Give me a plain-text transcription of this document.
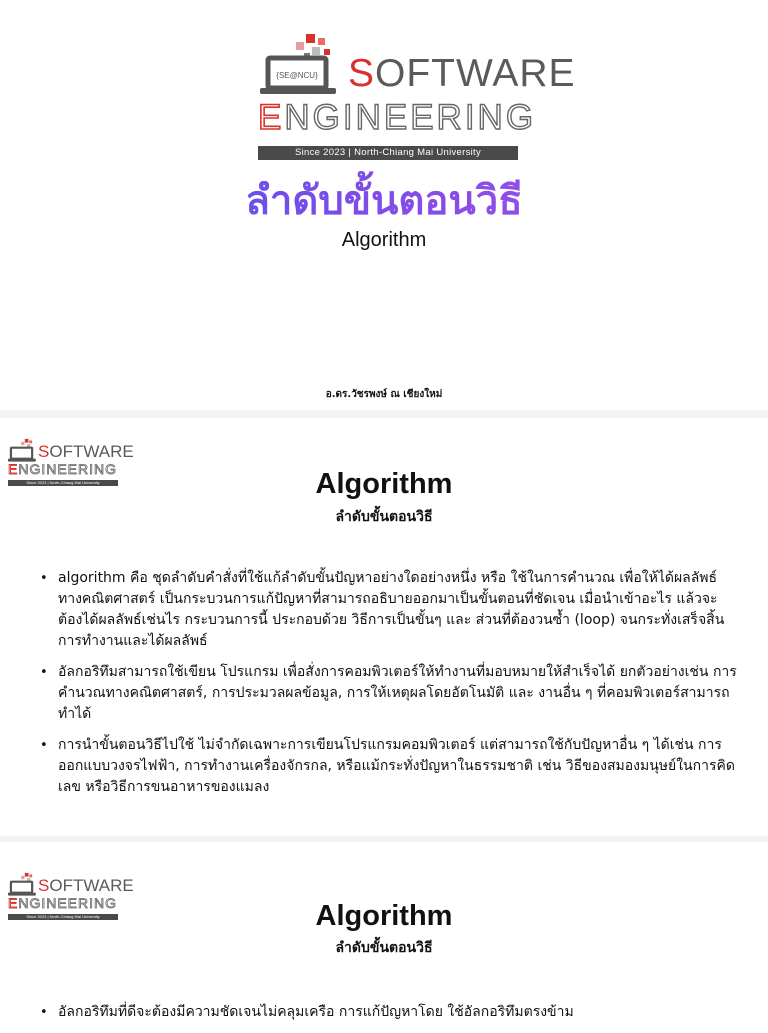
{SE@NCU} SOFTWARE
ENGINEERING
Since 2023 | North-Chiang Mai University
ลำดับขั้นตอนวิธี
Algorithm
อ.ดร.วัชรพงษ์ ณ เชียงใหม่
SOFTWARE
ENGINEERING
Since 2023 | North-Chiang Mai University	Algorithm
ลำดับขั้นตอนวิธี
• algorithm คือ ชุดลำดับคำสั่งที่ใช้แก้ลำดับขั้นปัญหาอย่างใดอย่างหนึ่ง หรือ ใช้ในการคำนวณ เพื่อให้ได้ผลลัพธ์ทางคณิตศาสตร์ เป็นกระบวนการแก้ปัญหาที่สามารถอธิบายออกมาเป็นขั้นตอนที่ชัดเจน เมื่อนำเข้าอะไร แล้วจะต้องได้ผลลัพธ์เช่นไร กระบวนการนี้ ประกอบด้วย วิธีการเป็นขั้นๆ และ ส่วนที่ต้องวนซ้ำ (loop) จนกระทั่งเสร็จสิ้นการทำงานและได้ผลลัพธ์
• อัลกอริทึมสามารถใช้เขียน โปรแกรม เพื่อสั่งการคอมพิวเตอร์ให้ทำงานที่มอบหมายให้สำเร็จได้ ยกตัวอย่างเช่น การคำนวณทางคณิตศาสตร์, การประมวลผลข้อมูล, การให้เหตุผลโดยอัตโนมัติ และ งานอื่น ๆ ที่คอมพิวเตอร์สามารถทำได้
• การนำขั้นตอนวิธีไปใช้ ไม่จำกัดเฉพาะการเขียนโปรแกรมคอมพิวเตอร์ แต่สามารถใช้กับปัญหาอื่น ๆ ได้เช่น การออกแบบวงจรไฟฟ้า, การทำงานเครื่องจักรกล, หรือแม้กระทั่งปัญหาในธรรมชาติ เช่น วิธีของสมองมนุษย์ในการคิดเลข หรือวิธีการขนอาหารของแมลง
SOFTWARE
ENGINEERING
Since 2023 | North-Chiang Mai University	Algorithm
ลำดับขั้นตอนวิธี
• อัลกอริทึมที่ดีจะต้องมีความชัดเจนไม่คลุมเครือ การแก้ปัญหาโดย ใช้อัลกอริทึมตรงข้าม
